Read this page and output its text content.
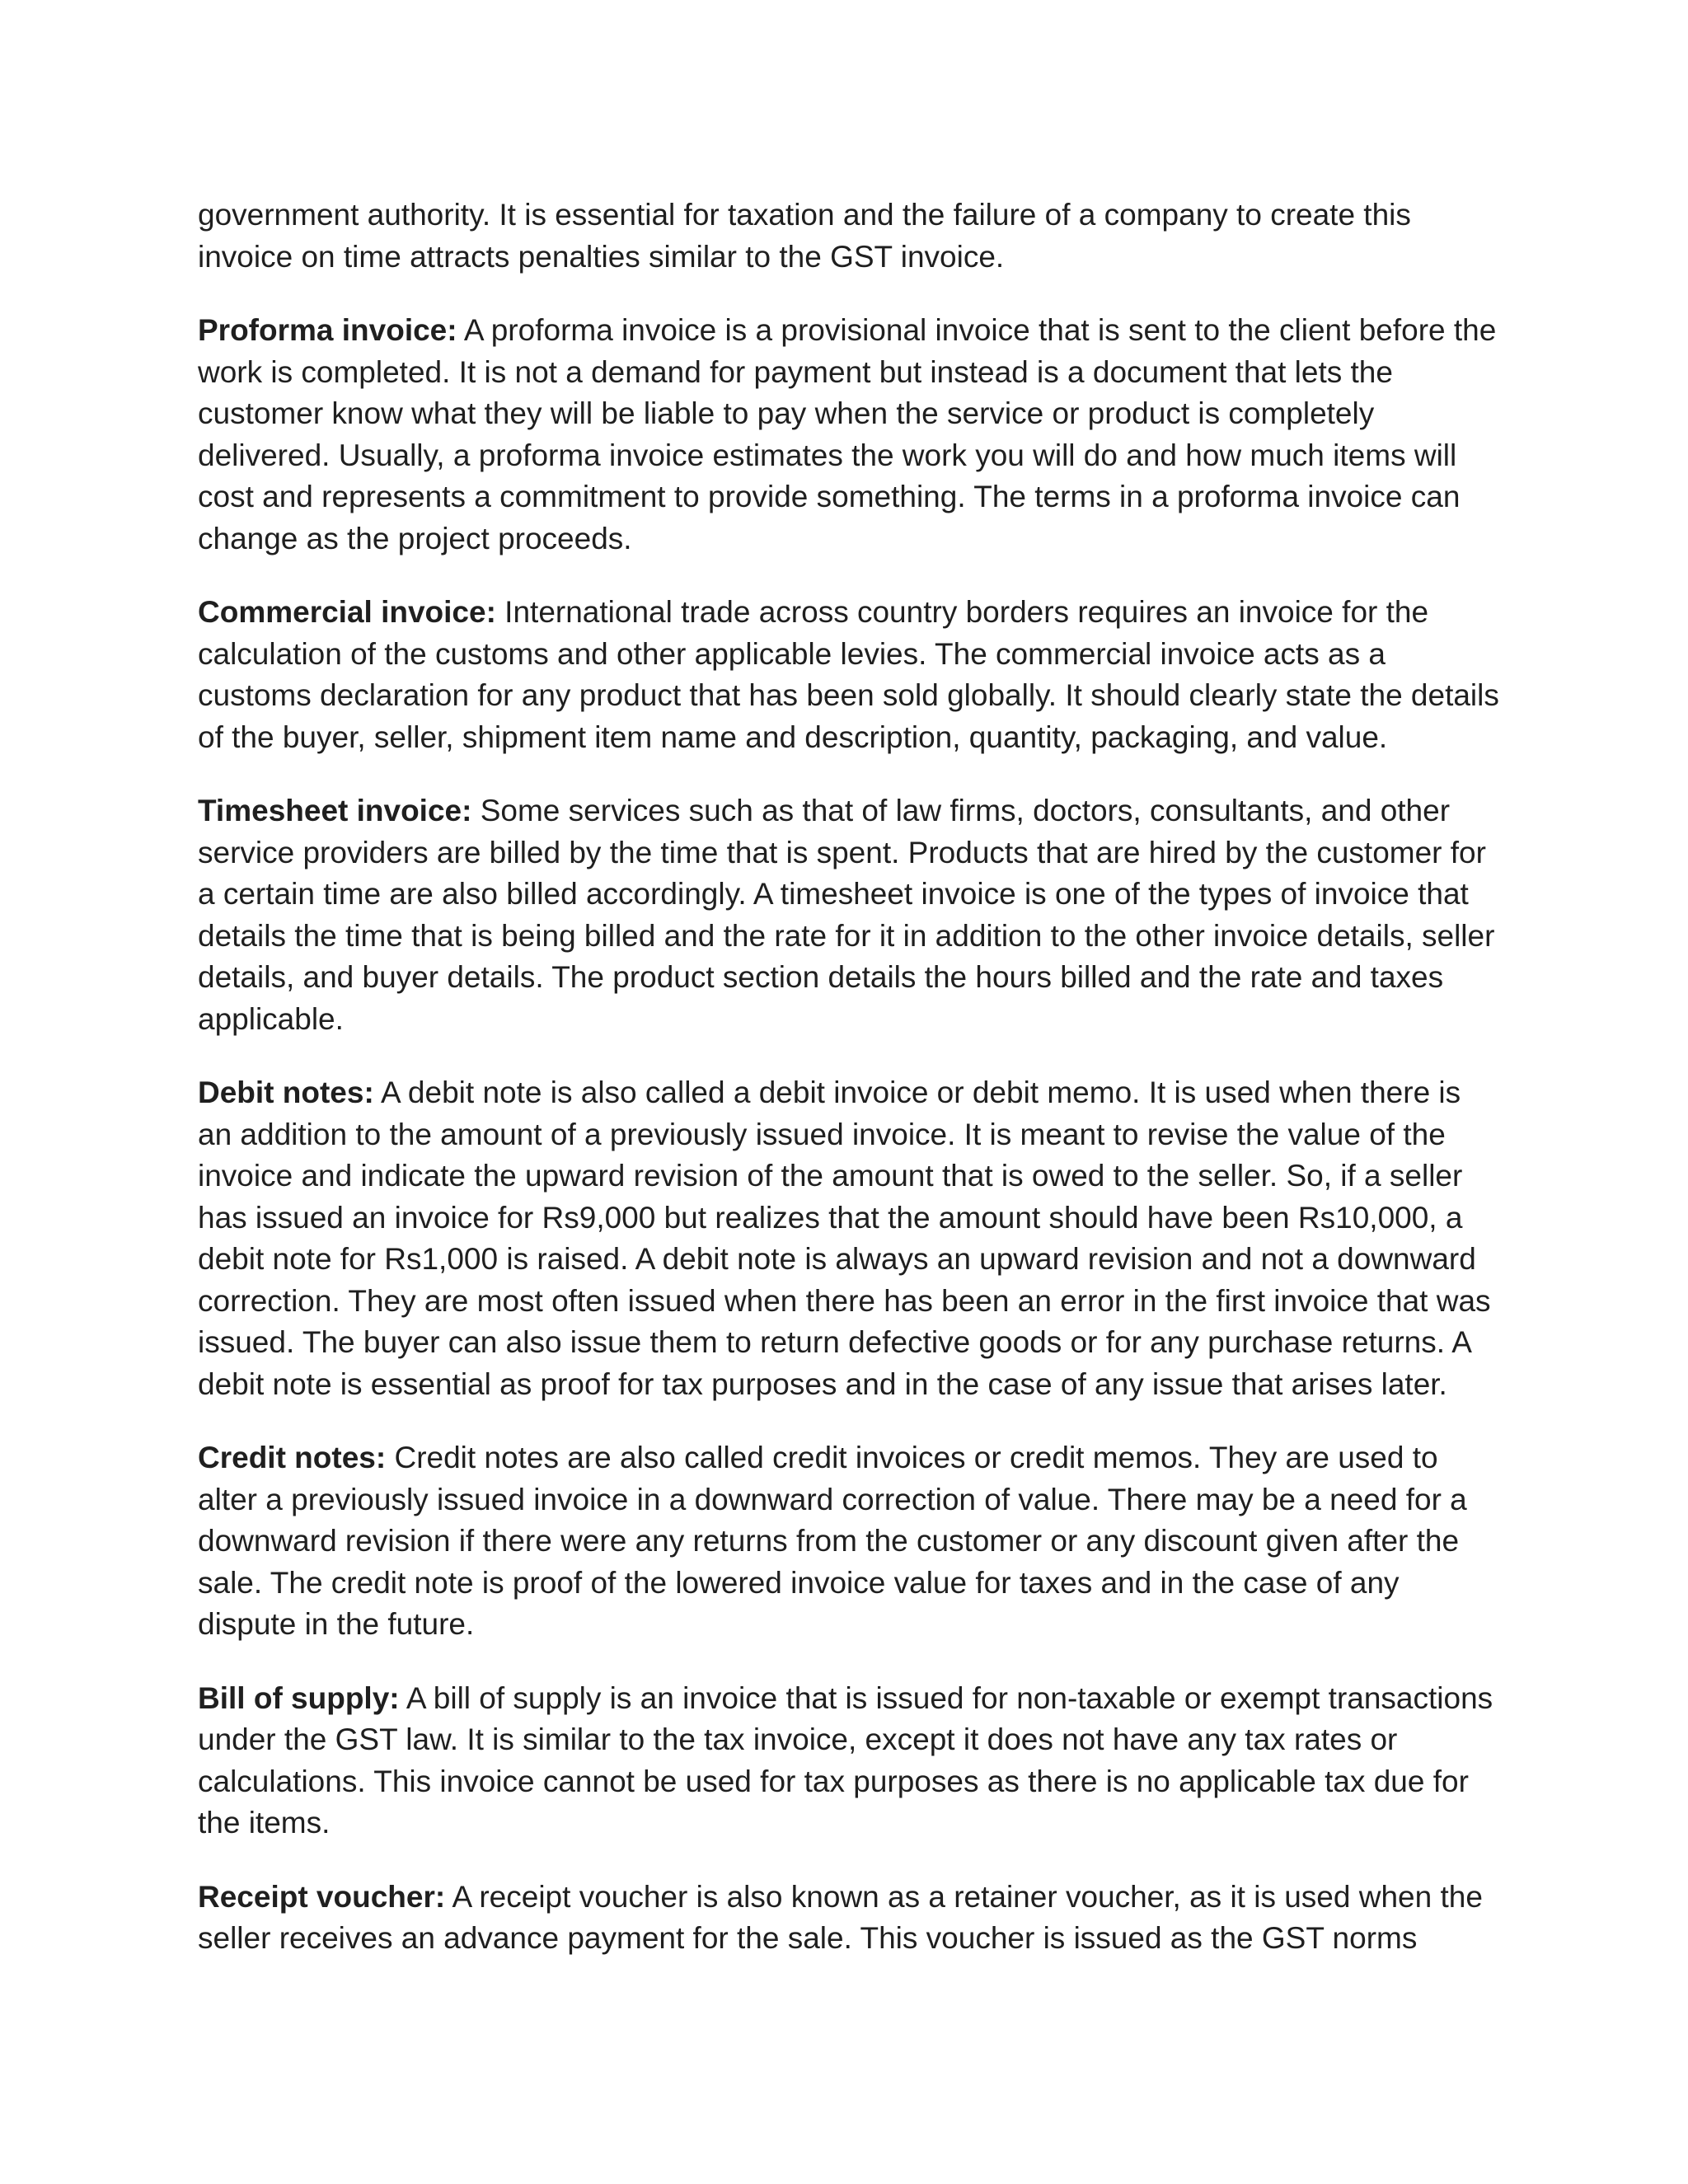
government authority. It is essential for taxation and the failure of a company to create this invoice on time attracts penalties similar to the GST invoice.

Proforma invoice: A proforma invoice is a provisional invoice that is sent to the client before the work is completed. It is not a demand for payment but instead is a document that lets the customer know what they will be liable to pay when the service or product is completely delivered. Usually, a proforma invoice estimates the work you will do and how much items will cost and represents a commitment to provide something. The terms in a proforma invoice can change as the project proceeds.

Commercial invoice: International trade across country borders requires an invoice for the calculation of the customs and other applicable levies. The commercial invoice acts as a customs declaration for any product that has been sold globally. It should clearly state the details of the buyer, seller, shipment item name and description, quantity, packaging, and value.

Timesheet invoice: Some services such as that of law firms, doctors, consultants, and other service providers are billed by the time that is spent. Products that are hired by the customer for a certain time are also billed accordingly. A timesheet invoice is one of the types of invoice that details the time that is being billed and the rate for it in addition to the other invoice details, seller details, and buyer details. The product section details the hours billed and the rate and taxes applicable.

Debit notes: A debit note is also called a debit invoice or debit memo. It is used when there is an addition to the amount of a previously issued invoice. It is meant to revise the value of the invoice and indicate the upward revision of the amount that is owed to the seller. So, if a seller has issued an invoice for Rs9,000 but realizes that the amount should have been Rs10,000, a debit note for Rs1,000 is raised. A debit note is always an upward revision and not a downward correction. They are most often issued when there has been an error in the first invoice that was issued. The buyer can also issue them to return defective goods or for any purchase returns. A debit note is essential as proof for tax purposes and in the case of any issue that arises later.

Credit notes: Credit notes are also called credit invoices or credit memos. They are used to alter a previously issued invoice in a downward correction of value. There may be a need for a downward revision if there were any returns from the customer or any discount given after the sale. The credit note is proof of the lowered invoice value for taxes and in the case of any dispute in the future.

Bill of supply: A bill of supply is an invoice that is issued for non-taxable or exempt transactions under the GST law. It is similar to the tax invoice, except it does not have any tax rates or calculations. This invoice cannot be used for tax purposes as there is no applicable tax due for the items.

Receipt voucher: A receipt voucher is also known as a retainer voucher, as it is used when the seller receives an advance payment for the sale. This voucher is issued as the GST norms
